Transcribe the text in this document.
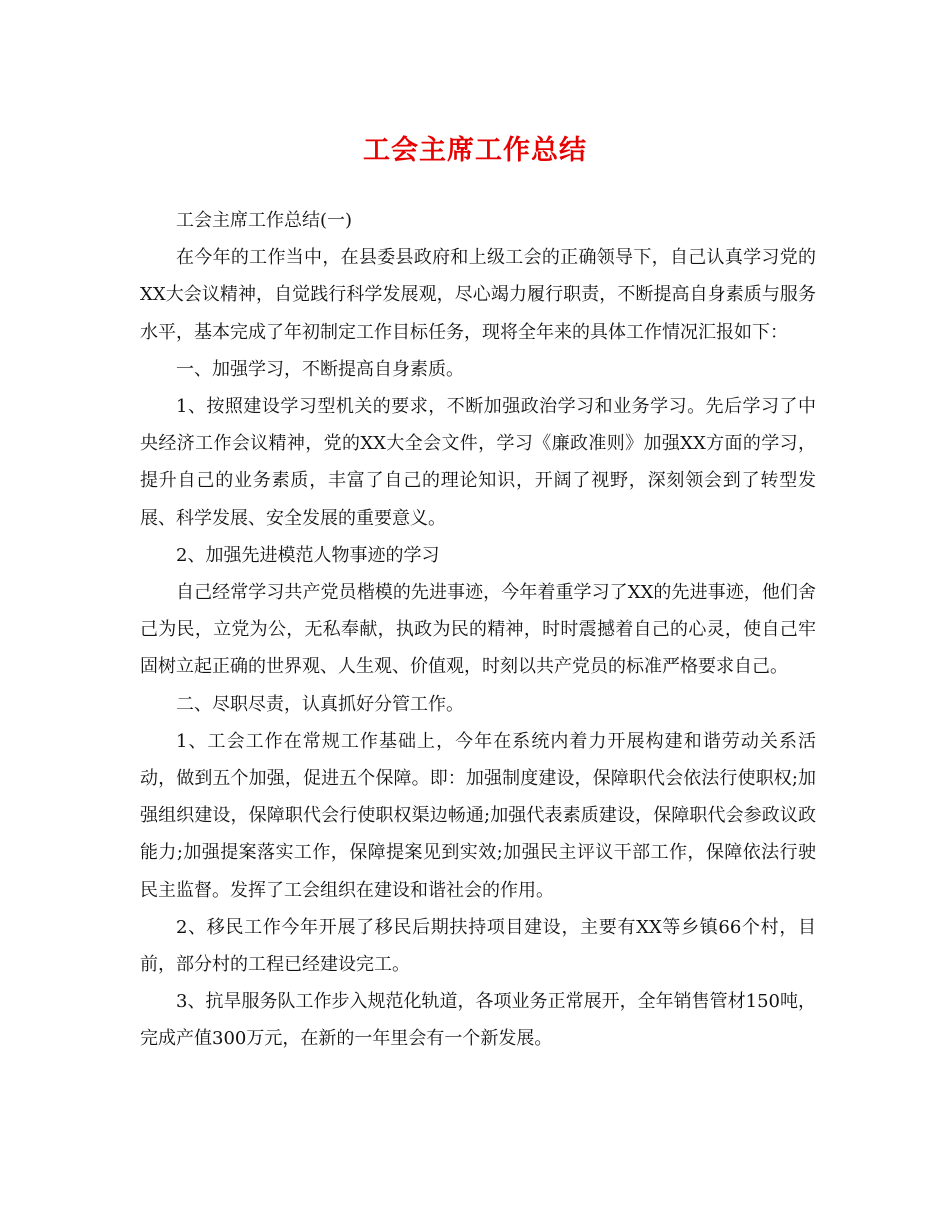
工会主席工作总结

工会主席工作总结(一)

在今年的工作当中，在县委县政府和上级工会的正确领导下，自己认真学习党的XX大会议精神，自觉践行科学发展观，尽心竭力履行职责，不断提高自身素质与服务水平，基本完成了年初制定工作目标任务，现将全年来的具体工作情况汇报如下：

一、加强学习，不断提高自身素质。

1、按照建设学习型机关的要求，不断加强政治学习和业务学习。先后学习了中央经济工作会议精神，党的XX大全会文件，学习《廉政准则》加强XX方面的学习，提升自己的业务素质，丰富了自己的理论知识，开阔了视野，深刻领会到了转型发展、科学发展、安全发展的重要意义。

2、加强先进模范人物事迹的学习

自己经常学习共产党员楷模的先进事迹，今年着重学习了XX的先进事迹，他们舍己为民，立党为公，无私奉献，执政为民的精神，时时震撼着自己的心灵，使自己牢固树立起正确的世界观、人生观、价值观，时刻以共产党员的标准严格要求自己。

二、尽职尽责，认真抓好分管工作。

1、工会工作在常规工作基础上，今年在系统内着力开展构建和谐劳动关系活动，做到五个加强，促进五个保障。即：加强制度建设，保障职代会依法行使职权;加强组织建设，保障职代会行使职权渠边畅通;加强代表素质建设，保障职代会参政议政能力;加强提案落实工作，保障提案见到实效;加强民主评议干部工作，保障依法行驶民主监督。发挥了工会组织在建设和谐社会的作用。

2、移民工作今年开展了移民后期扶持项目建设，主要有XX等乡镇66个村，目前，部分村的工程已经建设完工。

3、抗旱服务队工作步入规范化轨道，各项业务正常展开，全年销售管材150吨，完成产值300万元，在新的一年里会有一个新发展。
